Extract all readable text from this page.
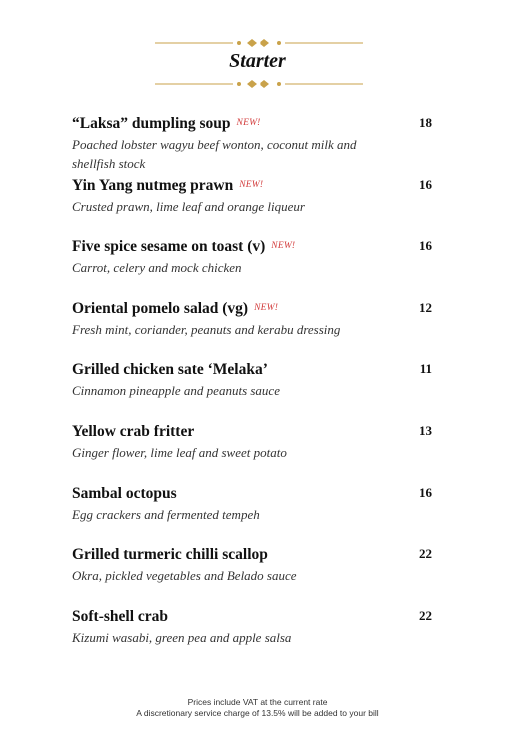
Starter
“Laksa” dumpling soup NEW!
Poached lobster wagyu beef wonton, coconut milk and shellfish stock
18
Yin Yang nutmeg prawn NEW!
Crusted prawn, lime leaf and orange liqueur
16
Five spice sesame on toast (v) NEW!
Carrot, celery and mock chicken
16
Oriental pomelo salad (vg) NEW!
Fresh mint, coriander, peanuts and kerabu dressing
12
Grilled chicken sate ‘Melaka’
Cinnamon pineapple and peanuts sauce
11
Yellow crab fritter
Ginger flower, lime leaf and sweet potato
13
Sambal octopus
Egg crackers and fermented tempeh
16
Grilled turmeric chilli scallop
Okra, pickled vegetables and Belado sauce
22
Soft-shell crab
Kizumi wasabi, green pea and apple salsa
22
Prices include VAT at the current rate
A discretionary service charge of 13.5% will be added to your bill
